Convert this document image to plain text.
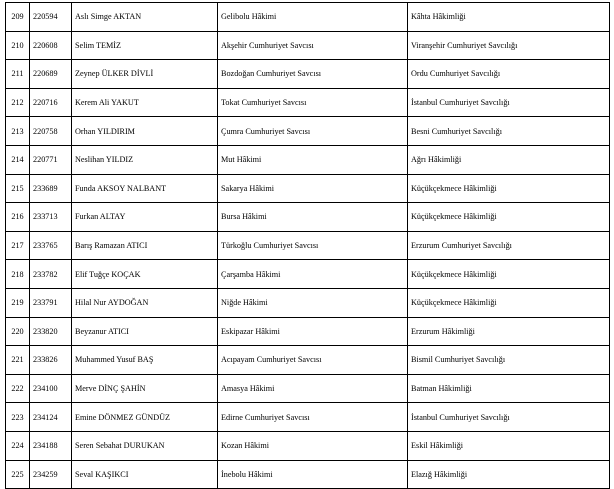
209	220594	Aslı Simge AKTAN	Gelibolu Hâkimi	Kâhta Hâkimliği
210	220608	Selim TEMİZ	Akşehir Cumhuriyet Savcısı	Viranşehir Cumhuriyet Savcılığı
211	220689	Zeynep ÜLKER DİVLİ	Bozdoğan Cumhuriyet Savcısı	Ordu Cumhuriyet Savcılığı
212	220716	Kerem Ali YAKUT	Tokat Cumhuriyet Savcısı	İstanbul Cumhuriyet Savcılığı
213	220758	Orhan YILDIRIM	Çumra Cumhuriyet Savcısı	Besni Cumhuriyet Savcılığı
214	220771	Neslihan YILDIZ	Mut Hâkimi	Ağrı Hâkimliği
215	233689	Funda AKSOY NALBANT	Sakarya Hâkimi	Küçükçekmece Hâkimliği
216	233713	Furkan ALTAY	Bursa Hâkimi	Küçükçekmece Hâkimliği
217	233765	Barış Ramazan ATICI	Türkoğlu Cumhuriyet Savcısı	Erzurum Cumhuriyet Savcılığı
218	233782	Elif Tuğçe KOÇAK	Çarşamba Hâkimi	Küçükçekmece Hâkimliği
219	233791	Hilal Nur AYDOĞAN	Niğde Hâkimi	Küçükçekmece Hâkimliği
220	233820	Beyzanur ATICI	Eskipazar Hâkimi	Erzurum Hâkimliği
221	233826	Muhammed Yusuf BAŞ	Acıpayam Cumhuriyet Savcısı	Bismil Cumhuriyet Savcılığı
222	234100	Merve DİNÇ ŞAHİN	Amasya Hâkimi	Batman Hâkimliği
223	234124	Emine DÖNMEZ GÜNDÜZ	Edirne Cumhuriyet Savcısı	İstanbul Cumhuriyet Savcılığı
224	234188	Seren Sebahat DURUKAN	Kozan Hâkimi	Eskil Hâkimliği
225	234259	Seval KAŞIKCI	İnebolu Hâkimi	Elazığ Hâkimliği
